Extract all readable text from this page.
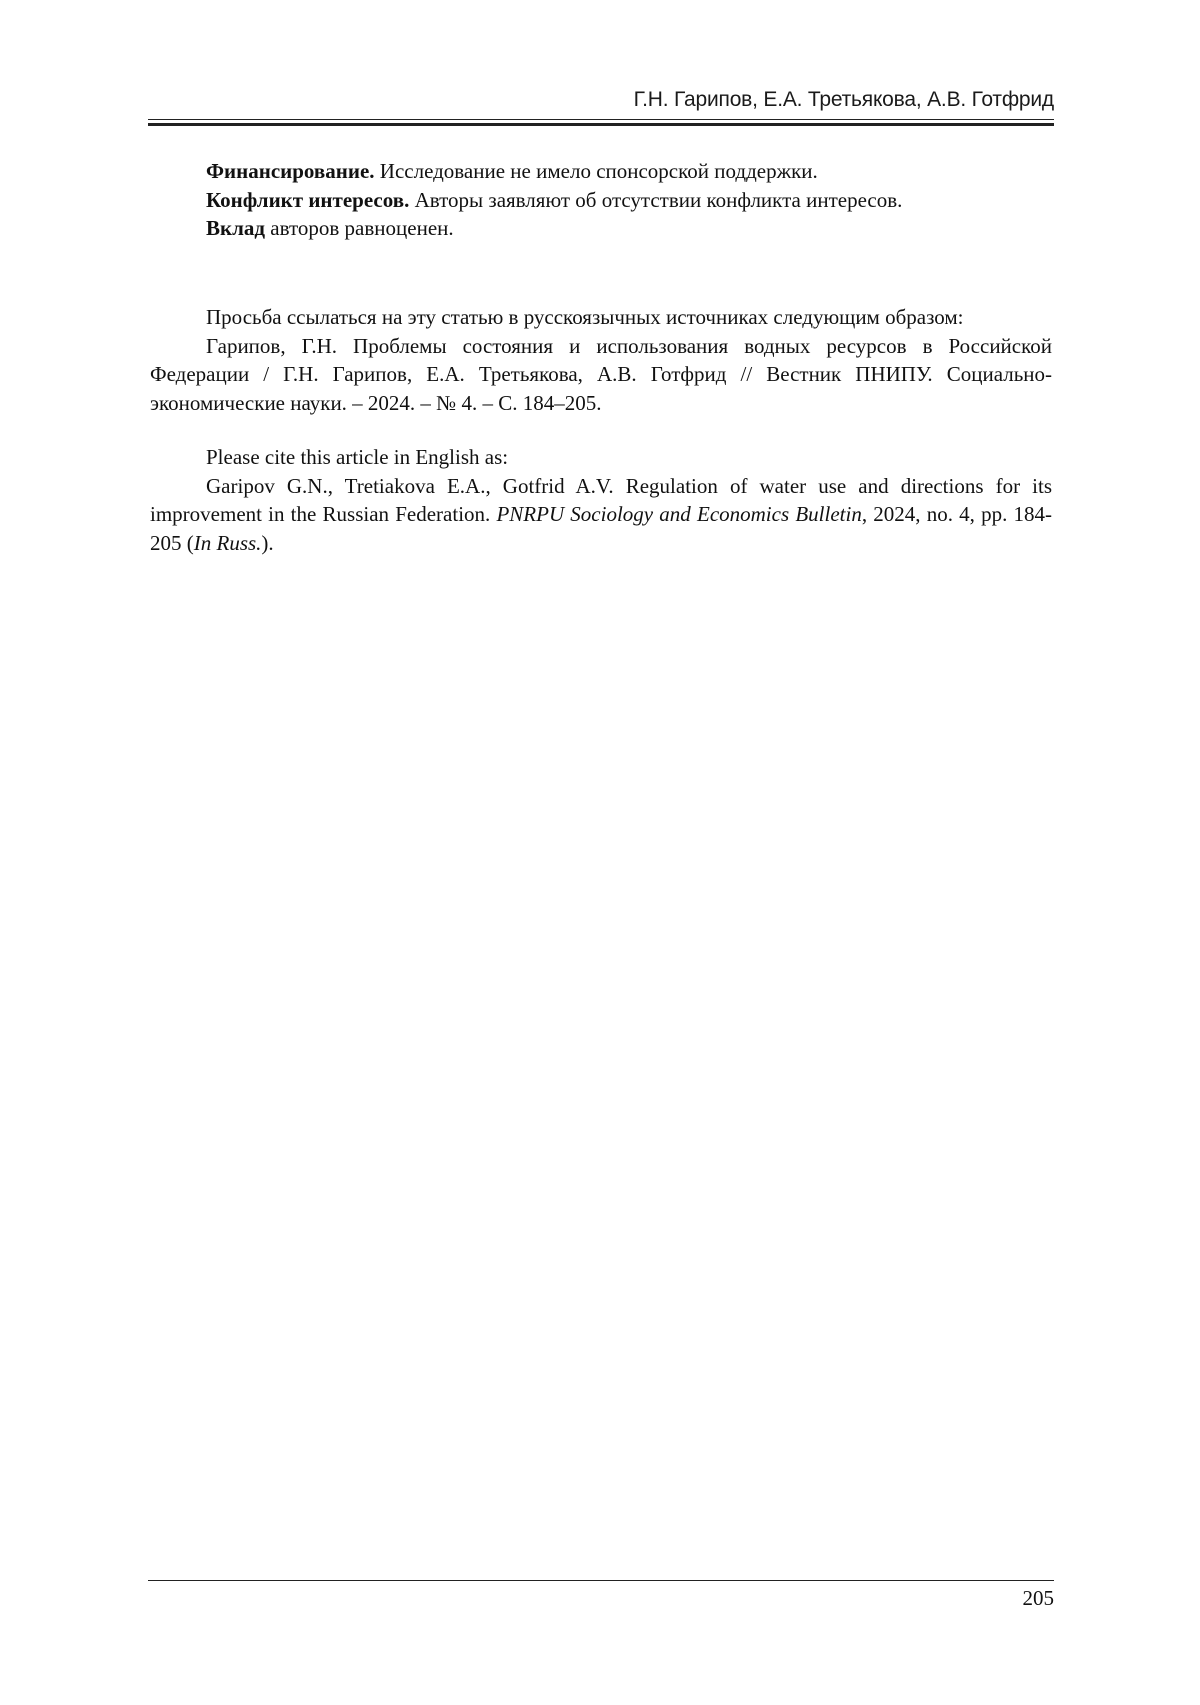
Г.Н. Гарипов, Е.А. Третьякова, А.В. Готфрид
Финансирование. Исследование не имело спонсорской поддержки.
Конфликт интересов. Авторы заявляют об отсутствии конфликта интересов.
Вклад авторов равноценен.
Просьба ссылаться на эту статью в русскоязычных источниках следующим образом:

Гарипов, Г.Н. Проблемы состояния и использования водных ресурсов в Российской Федерации / Г.Н. Гарипов, Е.А. Третьякова, А.В. Готфрид // Вестник ПНИПУ. Социально-экономические науки. – 2024. – № 4. – С. 184–205.

Please cite this article in English as:

Garipov G.N., Tretiakova E.A., Gotfrid A.V. Regulation of water use and directions for its improvement in the Russian Federation. PNRPU Sociology and Economics Bulletin, 2024, no. 4, pp. 184-205 (In Russ.).

205
